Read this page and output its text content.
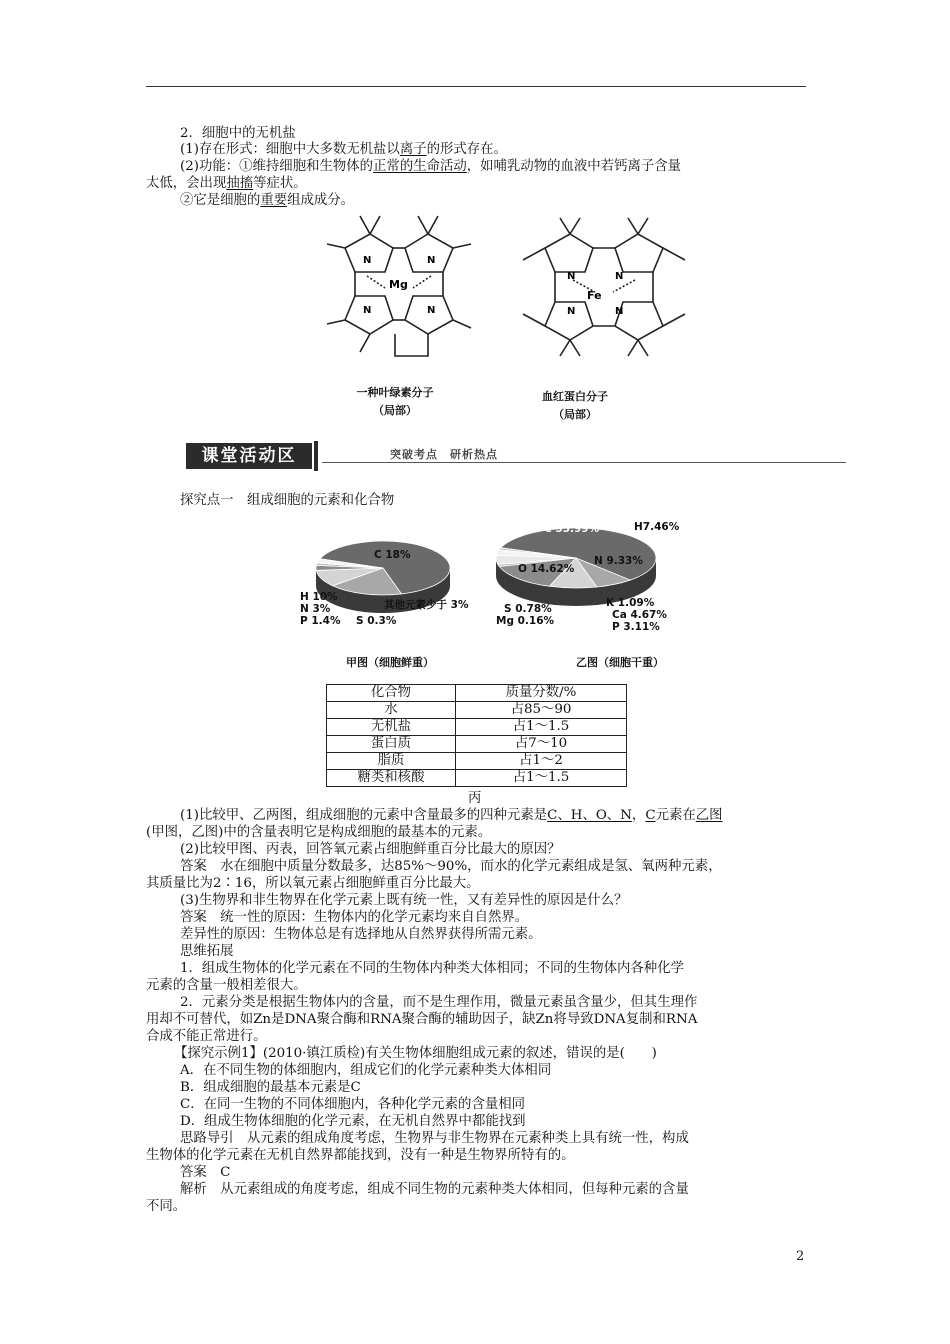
2．细胞中的无机盐
(1)存在形式：细胞中大多数无机盐以离子的形式存在。
(2)功能：①维持细胞和生物体的正常的生命活动，如哺乳动物的血液中若钙离子含量
太低，会出现抽搐等症状。
②它是细胞的重要组成成分。
N	N
N	N
Mg
N	N
N	N
Fe
一种叶绿素分子
（局部）
血红蛋白分子
（局部）
课堂活动区	突破考点　研析热点
探究点一　组成细胞的元素和化合物
O 65%
C 18%
H 10%
N 3%
P 1.4% S 0.3%
其他元素少于 3%
C 55.99%	H7.46%
N 9.33%
O 14.62%
K 1.09%
Ca 4.67%
P 3.11%
S 0.78%
Mg 0.16%
甲图（细胞鲜重）	乙图（细胞干重）
化合物	质量分数/%
水	占85～90
无机盐	占1～1.5
蛋白质	占7～10
脂质	占1～2
糖类和核酸	占1～1.5
丙
(1)比较甲、乙两图，组成细胞的元素中含量最多的四种元素是C、H、O、N，C元素在乙图
(甲图，乙图)中的含量表明它是构成细胞的最基本的元素。
(2)比较甲图、丙表，回答氧元素占细胞鲜重百分比最大的原因？
答案　水在细胞中质量分数最多，达85%～90%，而水的化学元素组成是氢、氧两种元素，
其质量比为2∶16，所以氧元素占细胞鲜重百分比最大。
(3)生物界和非生物界在化学元素上既有统一性，又有差异性的原因是什么？
答案　统一性的原因：生物体内的化学元素均来自自然界。
差异性的原因：生物体总是有选择地从自然界获得所需元素。
思维拓展
1．组成生物体的化学元素在不同的生物体内种类大体相同；不同的生物体内各种化学
元素的含量一般相差很大。
2．元素分类是根据生物体内的含量，而不是生理作用，微量元素虽含量少，但其生理作
用却不可替代，如Zn是DNA聚合酶和RNA聚合酶的辅助因子，缺Zn将导致DNA复制和RNA
合成不能正常进行。
【探究示例1】(2010·镇江质检)有关生物体细胞组成元素的叙述，错误的是(　　)
A．在不同生物的体细胞内，组成它们的化学元素种类大体相同
B．组成细胞的最基本元素是C
C．在同一生物的不同体细胞内，各种化学元素的含量相同
D．组成生物体细胞的化学元素，在无机自然界中都能找到
思路导引　从元素的组成角度考虑，生物界与非生物界在元素种类上具有统一性，构成
生物体的化学元素在无机自然界都能找到，没有一种是生物界所特有的。
答案　C
解析　从元素组成的角度考虑，组成不同生物的元素种类大体相同，但每种元素的含量
不同。
2
